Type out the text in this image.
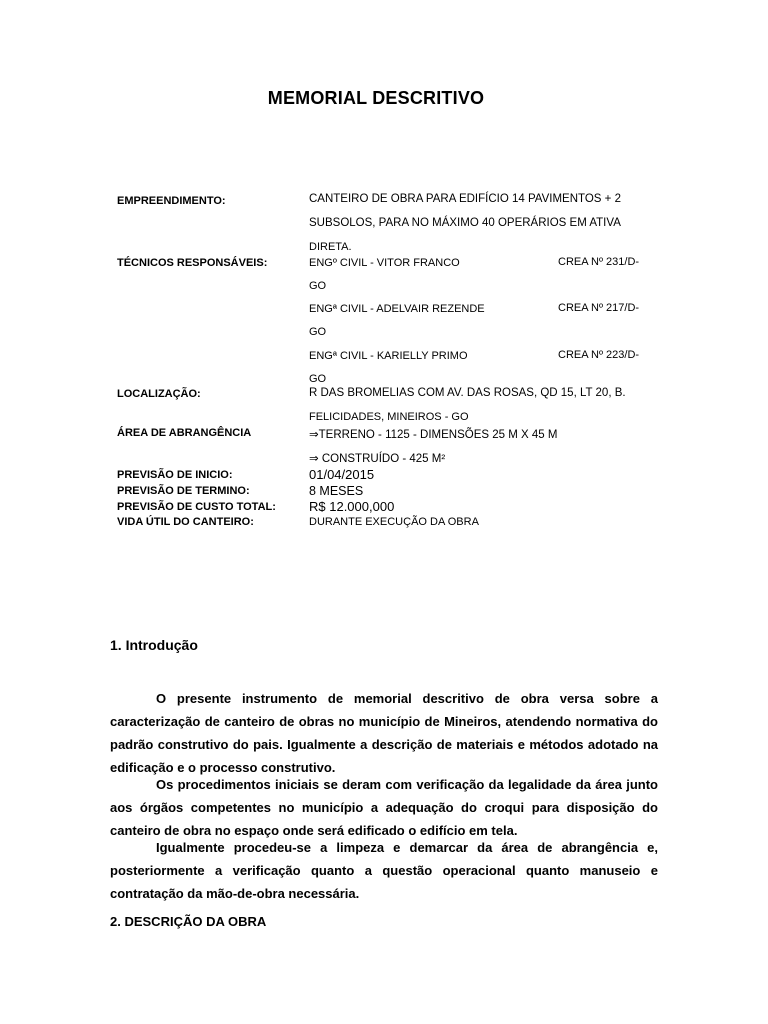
MEMORIAL DESCRITIVO
EMPREENDIMENTO:	CANTEIRO DE OBRA PARA EDIFÍCIO 14 PAVIMENTOS + 2
SUBSOLOS, PARA NO MÁXIMO 40 OPERÁRIOS EM ATIVA
DIRETA.
TÉCNICOS RESPONSÁVEIS:	ENGº CIVIL - VITOR FRANCO	CREA Nº 231/D-
GO
ENGª CIVIL - ADELVAIR REZENDE	CREA Nº 217/D-
GO
ENGª CIVIL - KARIELLY PRIMO	CREA Nº 223/D-
GO
LOCALIZAÇÃO:	R DAS BROMELIAS COM AV. DAS ROSAS, QD 15, LT 20, B.
FELICIDADES, MINEIROS - GO
ÁREA DE ABRANGÊNCIA	⇒TERRENO - 1125 - DIMENSÕES 25 M X 45 M
⇒ CONSTRUÍDO - 425 M²
PREVISÃO DE INICIO:	01/04/2015
PREVISÃO DE TERMINO:	8 MESES
PREVISÃO DE CUSTO TOTAL:	R$ 12.000,000
VIDA ÚTIL DO CANTEIRO:	DURANTE EXECUÇÃO DA OBRA
1. Introdução
O presente instrumento de memorial descritivo de obra versa sobre a caracterização de canteiro de obras no município de Mineiros, atendendo normativa do padrão construtivo do pais. Igualmente a descrição de materiais e métodos adotado na edificação e o processo construtivo.
Os procedimentos iniciais se deram com verificação da legalidade da área junto aos órgãos competentes no município a adequação do croqui para disposição do canteiro de obra no espaço onde será edificado o edifício em tela.
Igualmente procedeu-se a limpeza e demarcar da área de abrangência e, posteriormente a verificação quanto a questão operacional quanto manuseio e contratação da mão-de-obra necessária.
2. DESCRIÇÃO DA OBRA
